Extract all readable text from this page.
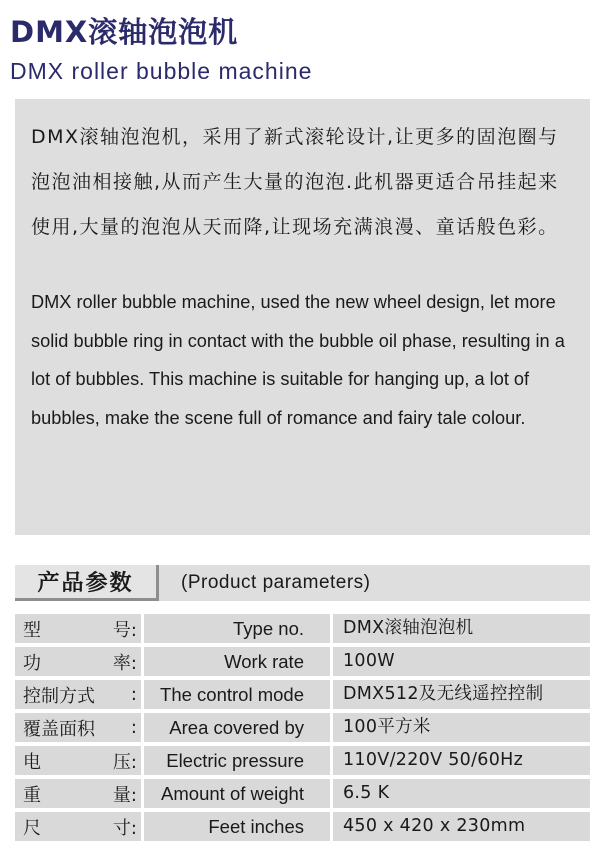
DMX滚轴泡泡机
DMX roller bubble machine

DMX滚轴泡泡机，采用了新式滚轮设计,让更多的固泡圈与泡泡油相接触,从而产生大量的泡泡.此机器更适合吊挂起来使用,大量的泡泡从天而降,让现场充满浪漫、童话般色彩。

DMX roller bubble machine, used the new wheel design, let more solid bubble ring in contact with the bubble oil phase, resulting in a lot of bubbles. This machine is suitable for hanging up, a lot of bubbles, make the scene full of romance and fairy tale colour.

产品参数	(Product parameters)
型	号:	Type no. DMX滚轴泡泡机
功	率:	Work rate 100W
控制方式 : The control mode DMX512及无线遥控控制
覆盖面积 : Area covered by 100平方米
电	压: Electric pressure 110V/220V 50/60Hz
重	量: Amount of weight 6.5 K
尺	寸:	Feet inches 450 x 420 x 230mm
